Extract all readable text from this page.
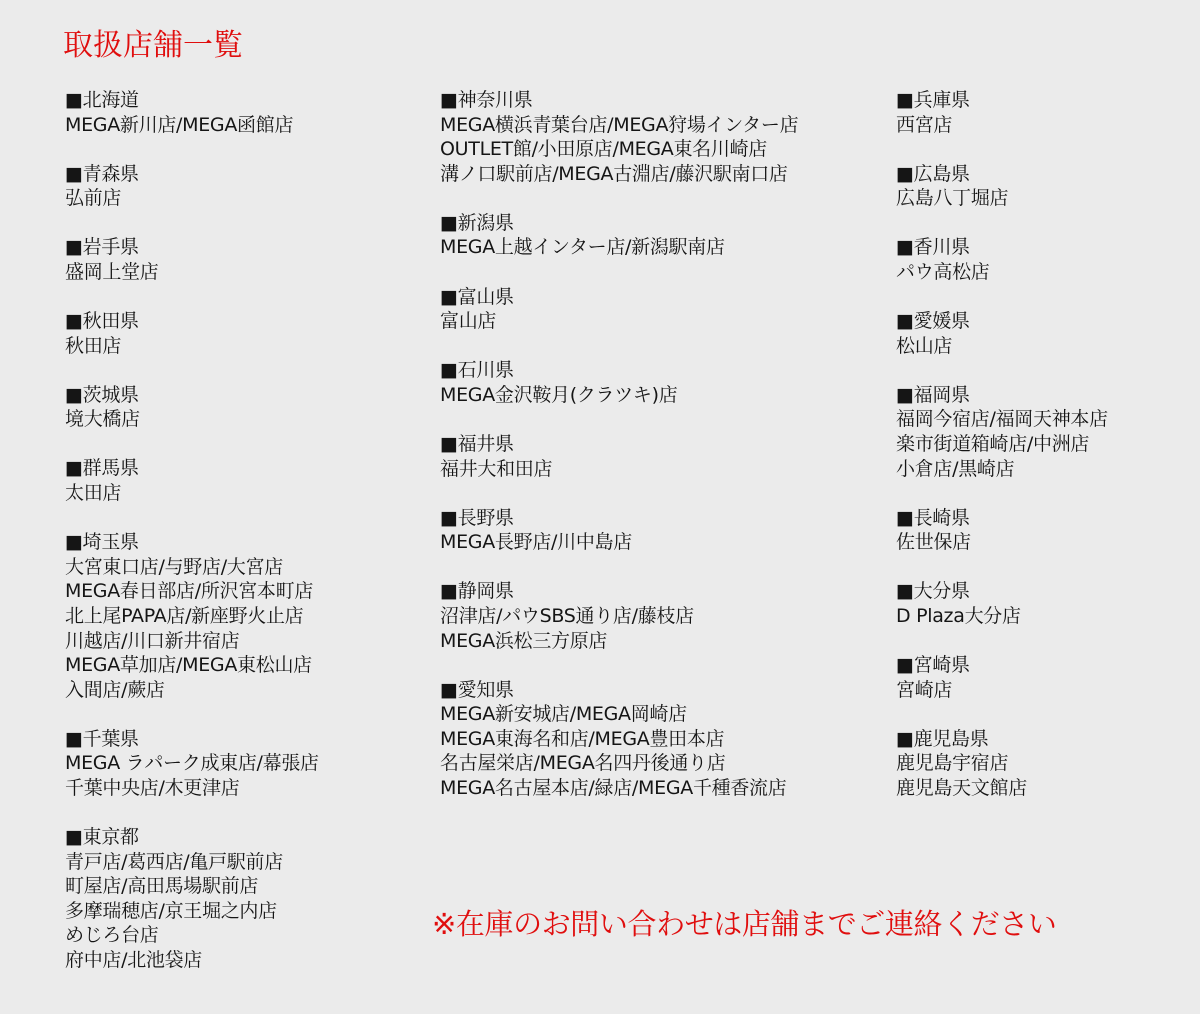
取扱店舗一覧
■北海道
MEGA新川店/MEGA函館店
■青森県
弘前店
■岩手県
盛岡上堂店
■秋田県
秋田店
■茨城県
境大橋店
■群馬県
太田店
■埼玉県
大宮東口店/与野店/大宮店
MEGA春日部店/所沢宮本町店
北上尾PAPA店/新座野火止店
川越店/川口新井宿店
MEGA草加店/MEGA東松山店
入間店/蕨店
■千葉県
MEGA ラパーク成東店/幕張店
千葉中央店/木更津店
■東京都
青戸店/葛西店/亀戸駅前店
町屋店/高田馬場駅前店
多摩瑞穂店/京王堀之内店
めじろ台店
府中店/北池袋店
■神奈川県
MEGA横浜青葉台店/MEGA狩場インター店
OUTLET館/小田原店/MEGA東名川崎店
溝ノ口駅前店/MEGA古淵店/藤沢駅南口店
■新潟県
MEGA上越インター店/新潟駅南店
■富山県
富山店
■石川県
MEGA金沢鞍月(クラツキ)店
■福井県
福井大和田店
■長野県
MEGA長野店/川中島店
■静岡県
沼津店/パウSBS通り店/藤枝店
MEGA浜松三方原店
■愛知県
MEGA新安城店/MEGA岡崎店
MEGA東海名和店/MEGA豊田本店
名古屋栄店/MEGA名四丹後通り店
MEGA名古屋本店/緑店/MEGA千種香流店
■兵庫県
西宮店
■広島県
広島八丁堀店
■香川県
パウ高松店
■愛媛県
松山店
■福岡県
福岡今宿店/福岡天神本店
楽市街道箱崎店/中洲店
小倉店/黒崎店
■長崎県
佐世保店
■大分県
D Plaza大分店
■宮崎県
宮崎店
■鹿児島県
鹿児島宇宿店
鹿児島天文館店
※在庫のお問い合わせは店舗までご連絡ください
